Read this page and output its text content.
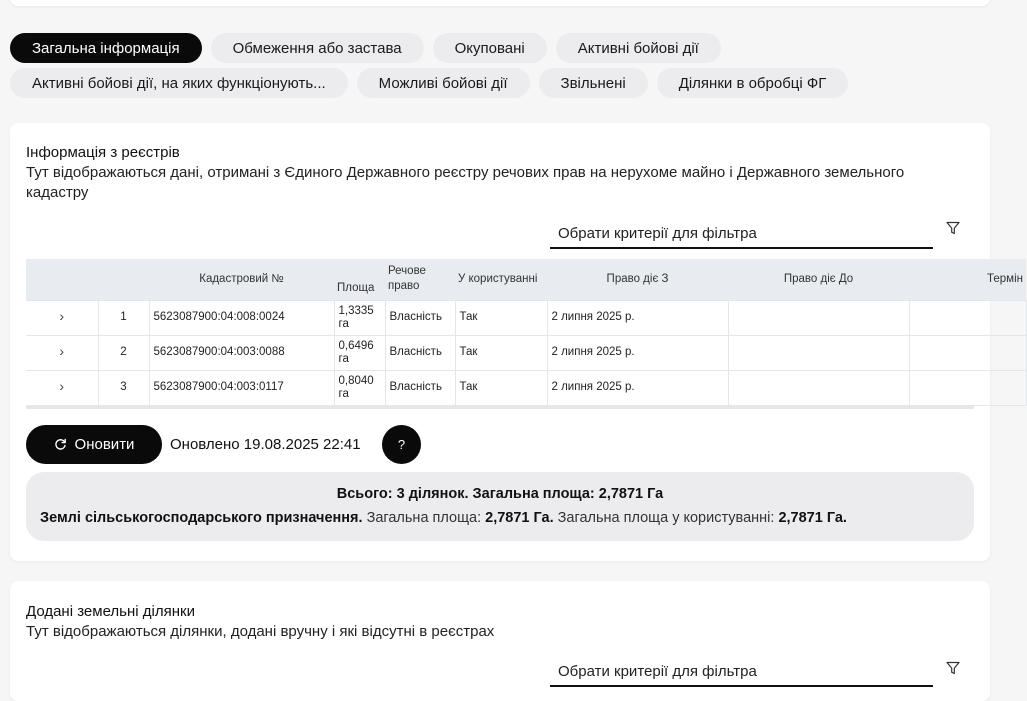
Загальна інформація	Обмеження або застава	Окуповані	Активні бойові дії
Активні бойові дії, на яких функціонують...	Можливі бойові дії	Звільнені	Ділянки в обробці ФГ
Інформація з реєстрів
Тут відображаються дані, отримані з Єдиного Державного реєстру речових прав на нерухоме майно і Державного земельного кадастру
Обрати критерії для фільтра
		Кадастровий №	Площа	Речове право	У користуванні	Право діє З	Право діє До	Термін
›	1	5623087900:04:008:0024	1,3335 га	Власність	Так	2 липня 2025 р.		
›	2	5623087900:04:003:0088	0,6496 га	Власність	Так	2 липня 2025 р.		
›	3	5623087900:04:003:0117	0,8040 га	Власність	Так	2 липня 2025 р.		
Оновити Оновлено 19.08.2025 22:41	?
Всього: 3 ділянок. Загальна площа: 2,7871 Га
Землі сільськогосподарського призначення. Загальна площа: 2,7871 Га. Загальна площа у користуванні: 2,7871 Га.
Додані земельні ділянки
Тут відображаються ділянки, додані вручну і які відсутні в реєстрах
Обрати критерії для фільтра
